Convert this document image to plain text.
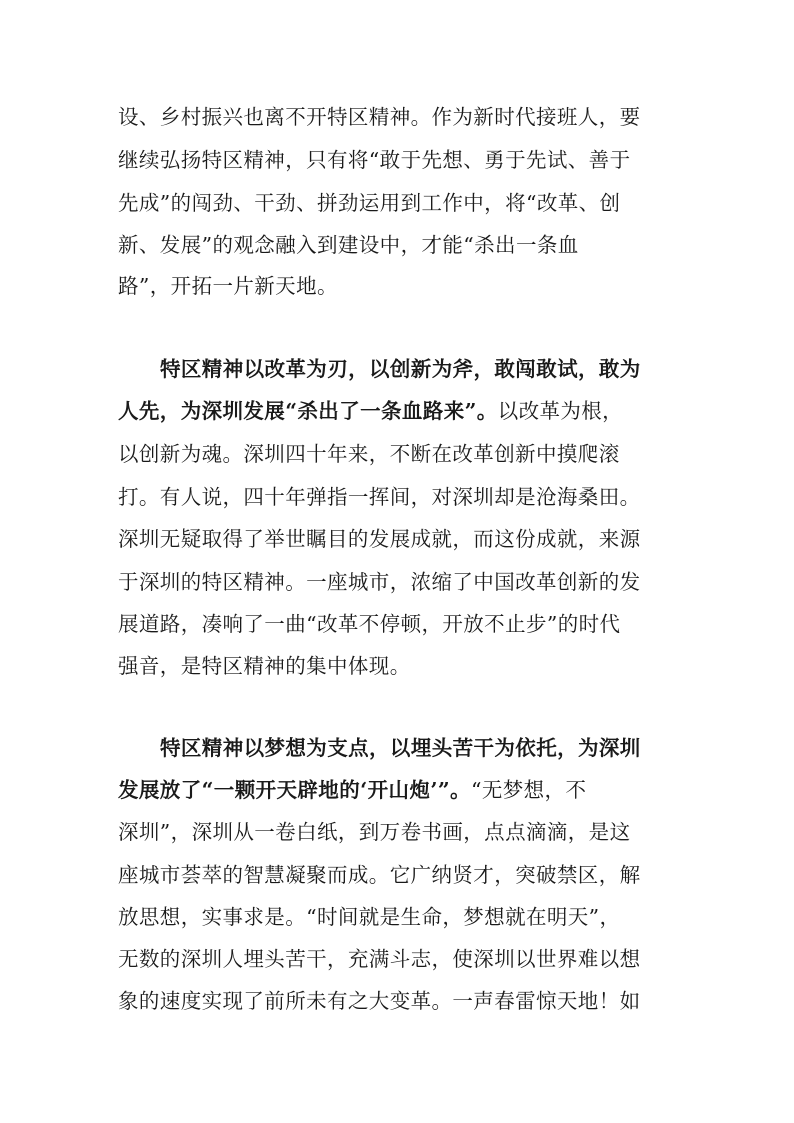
设、乡村振兴也离不开特区精神。作为新时代接班人，要
继续弘扬特区精神，只有将“敢于先想、勇于先试、善于
先成”的闯劲、干劲、拼劲运用到工作中，将“改革、创
新、发展”的观念融入到建设中，才能“杀出一条血
路”，开拓一片新天地。
特区精神以改革为刃，以创新为斧，敢闯敢试，敢为
人先，为深圳发展“杀出了一条血路来”。以改革为根，
以创新为魂。深圳四十年来，不断在改革创新中摸爬滚
打。有人说，四十年弹指一挥间，对深圳却是沧海桑田。
深圳无疑取得了举世瞩目的发展成就，而这份成就，来源
于深圳的特区精神。一座城市，浓缩了中国改革创新的发
展道路，凑响了一曲“改革不停顿，开放不止步”的时代
强音，是特区精神的集中体现。
特区精神以梦想为支点，以埋头苦干为依托，为深圳
发展放了“一颗开天辟地的‘开山炮’”。“无梦想，不
深圳”，深圳从一卷白纸，到万卷书画，点点滴滴，是这
座城市荟萃的智慧凝聚而成。它广纳贤才，突破禁区，解
放思想，实事求是。“时间就是生命，梦想就在明天”，
无数的深圳人埋头苦干，充满斗志，使深圳以世界难以想
象的速度实现了前所未有之大变革。一声春雷惊天地！如
